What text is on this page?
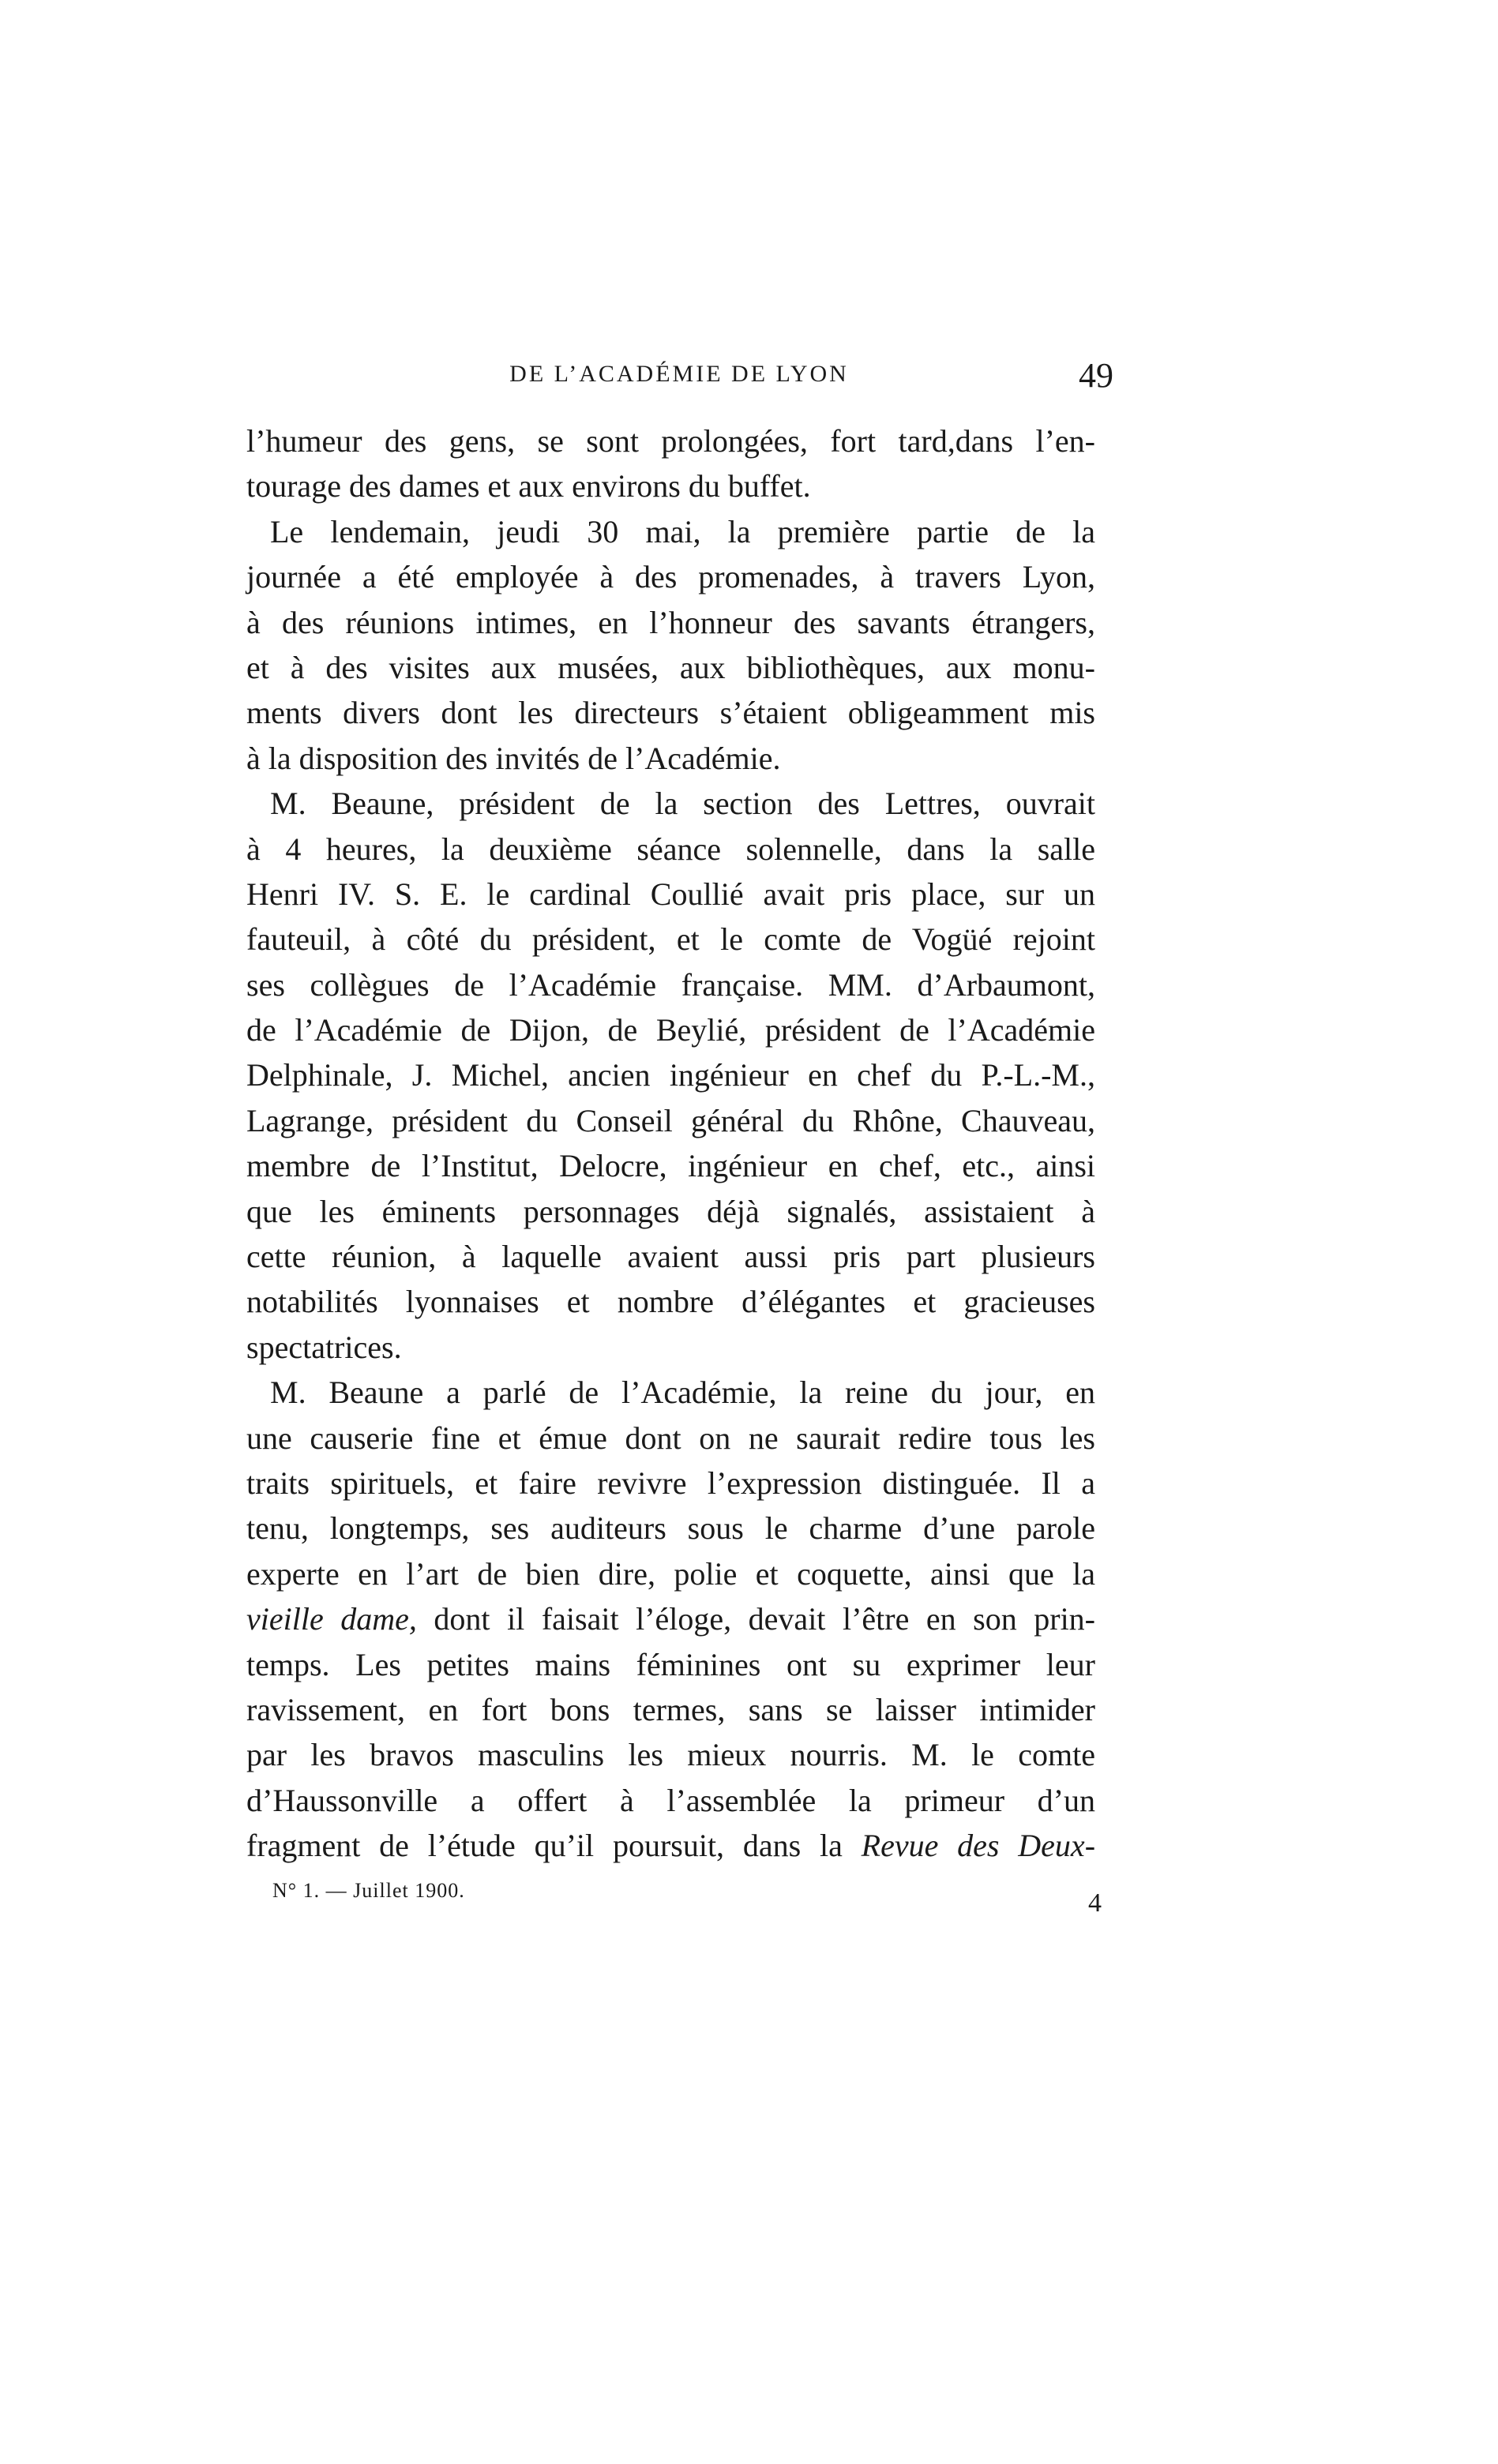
DE L’ACADÉMIE DE LYON	49
l’humeur des gens, se sont prolongées, fort tard,dans l’en-
tourage des dames et aux environs du buffet.
Le lendemain, jeudi 30 mai, la première partie de la
journée a été employée à des promenades, à travers Lyon,
à des réunions intimes, en l’honneur des savants étrangers,
et à des visites aux musées, aux bibliothèques, aux monu-
ments divers dont les directeurs s’étaient obligeamment mis
à la disposition des invités de l’Académie.
M. Beaune, président de la section des Lettres, ouvrait
à 4 heures, la deuxième séance solennelle, dans la salle
Henri IV. S. E. le cardinal Coullié avait pris place, sur un
fauteuil, à côté du président, et le comte de Vogüé rejoint
ses collègues de l’Académie française. MM. d’Arbaumont,
de l’Académie de Dijon, de Beylié, président de l’Académie
Delphinale, J. Michel, ancien ingénieur en chef du P.-L.-M.,
Lagrange, président du Conseil général du Rhône, Chauveau,
membre de l’Institut, Delocre, ingénieur en chef, etc., ainsi
que les éminents personnages déjà signalés, assistaient à
cette réunion, à laquelle avaient aussi pris part plusieurs
notabilités lyonnaises et nombre d’élégantes et gracieuses
spectatrices.
M. Beaune a parlé de l’Académie, la reine du jour, en
une causerie fine et émue dont on ne saurait redire tous les
traits spirituels, et faire revivre l’expression distinguée. Il a
tenu, longtemps, ses auditeurs sous le charme d’une parole
experte en l’art de bien dire, polie et coquette, ainsi que la
vieille dame, dont il faisait l’éloge, devait l’être en son prin-
temps. Les petites mains féminines ont su exprimer leur
ravissement, en fort bons termes, sans se laisser intimider
par les bravos masculins les mieux nourris. M. le comte
d’Haussonville a offert à l’assemblée la primeur d’un
fragment de l’étude qu’il poursuit, dans la Revue des Deux-
N° 1. — Juillet 1900.	4
